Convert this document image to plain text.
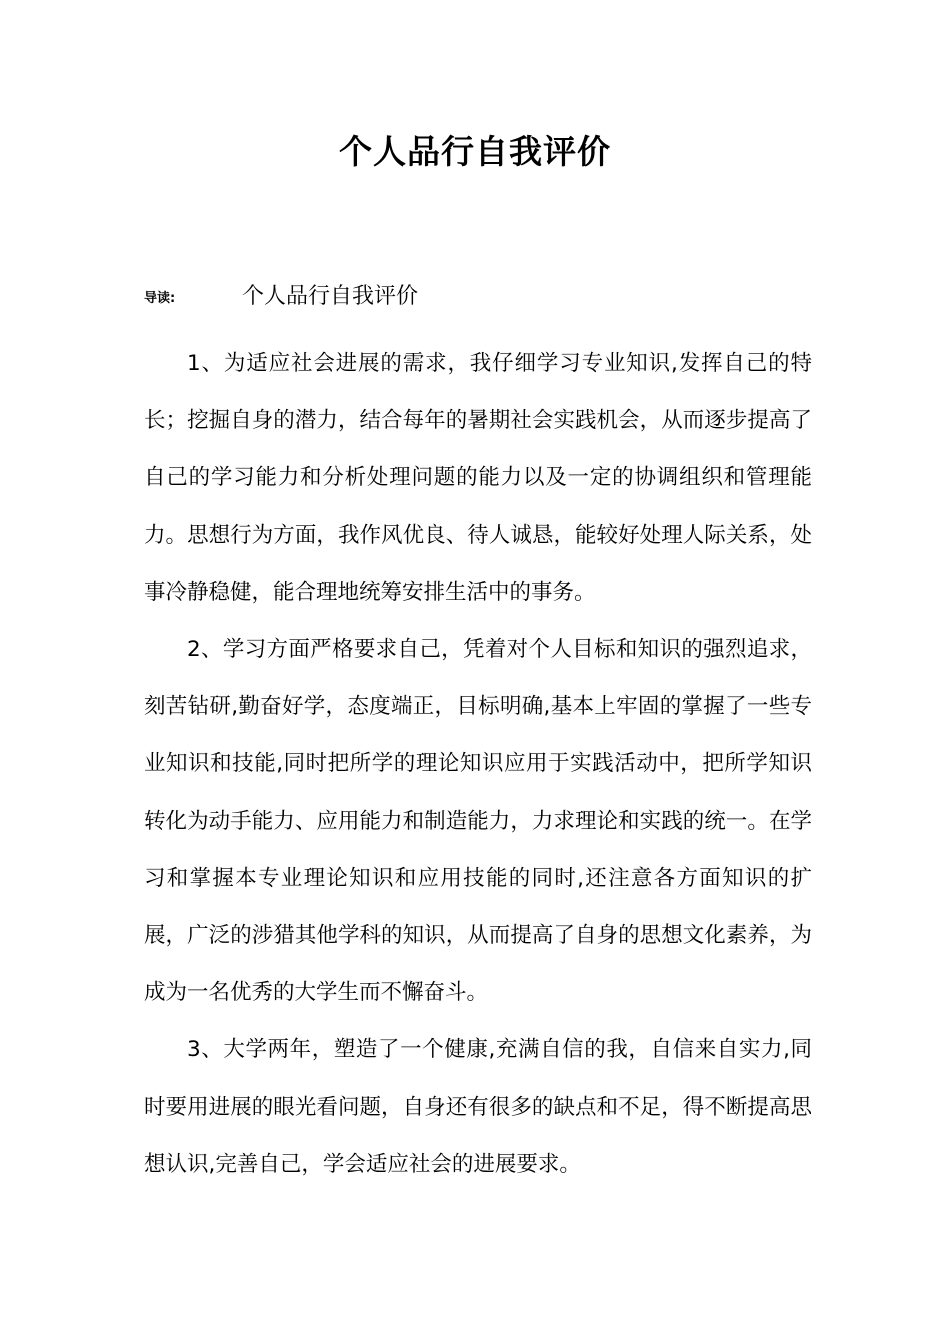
个人品行自我评价
导读:	个人品行自我评价

1、为适应社会进展的需求，我仔细学习专业知识,发挥自己的特长；挖掘自身的潜力，结合每年的暑期社会实践机会，从而逐步提高了自己的学习能力和分析处理问题的能力以及一定的协调组织和管理能力。思想行为方面，我作风优良、待人诚恳，能较好处理人际关系，处事冷静稳健，能合理地统筹安排生活中的事务。

2、学习方面严格要求自己，凭着对个人目标和知识的强烈追求，刻苦钻研,勤奋好学，态度端正，目标明确,基本上牢固的掌握了一些专业知识和技能,同时把所学的理论知识应用于实践活动中，把所学知识转化为动手能力、应用能力和制造能力，力求理论和实践的统一。在学习和掌握本专业理论知识和应用技能的同时,还注意各方面知识的扩展，广泛的涉猎其他学科的知识，从而提高了自身的思想文化素养，为成为一名优秀的大学生而不懈奋斗。

3、大学两年，塑造了一个健康,充满自信的我，自信来自实力,同时要用进展的眼光看问题，自身还有很多的缺点和不足，得不断提高思想认识,完善自己，学会适应社会的进展要求。
